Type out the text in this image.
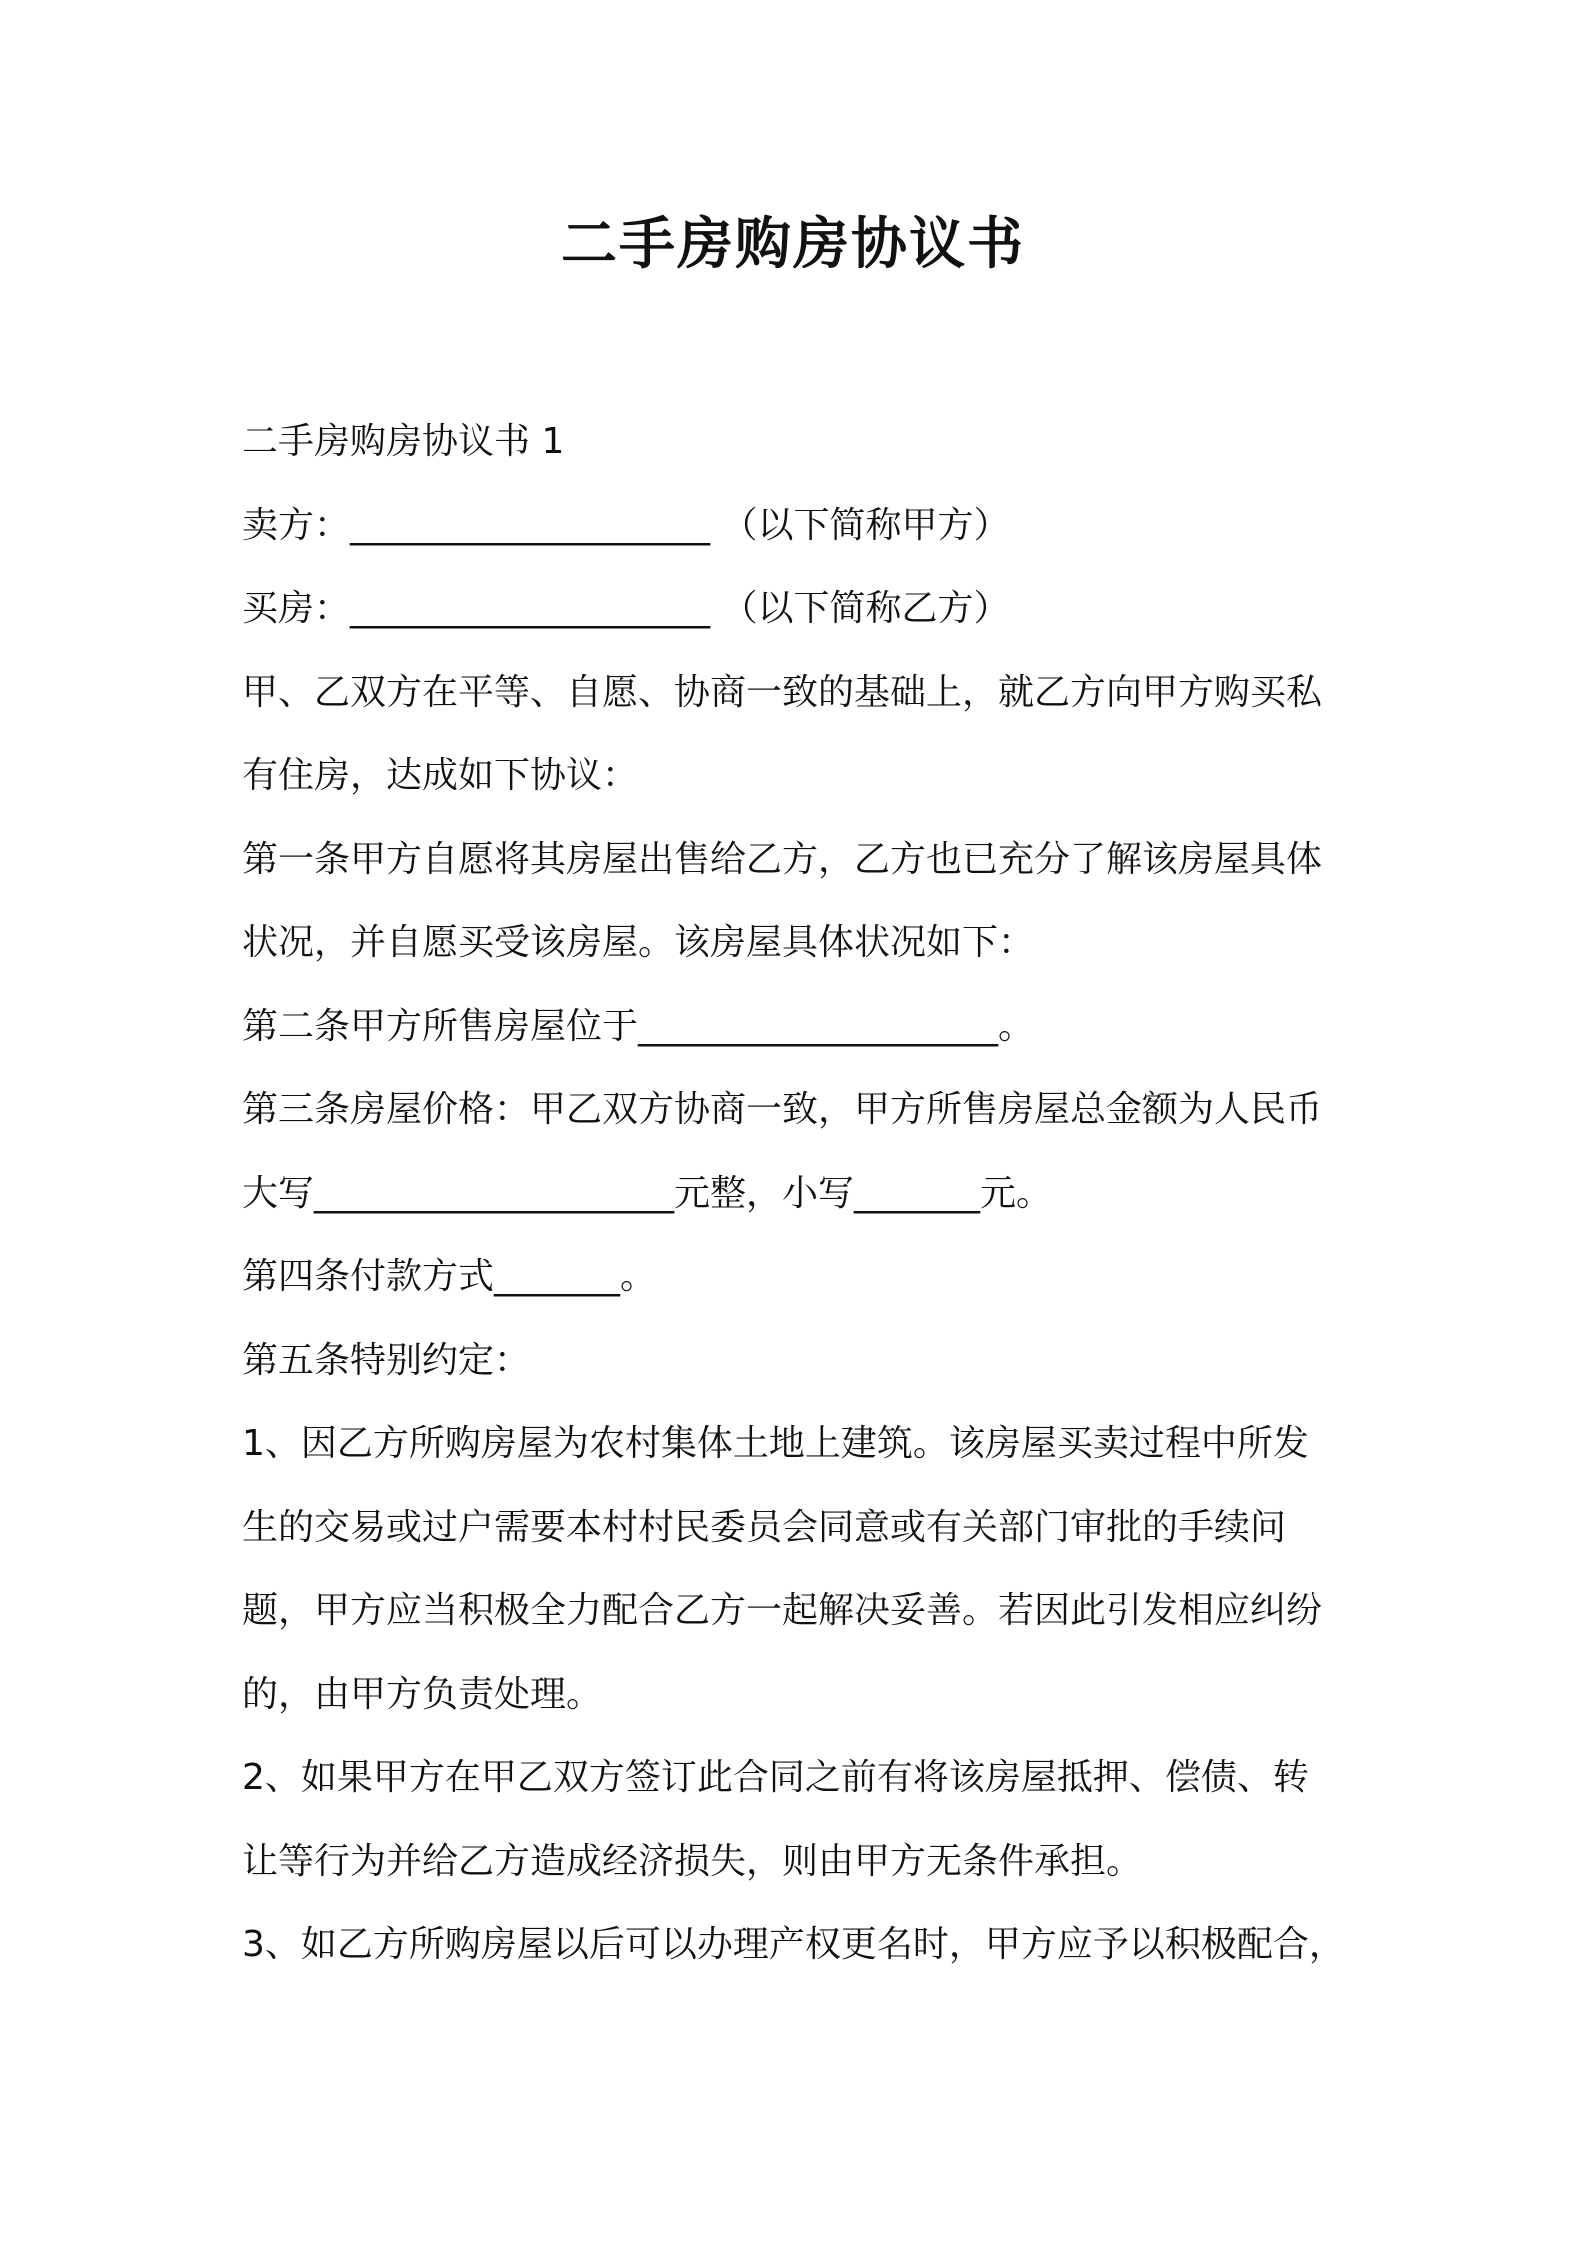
二手房购房协议书
二手房购房协议书 1
卖方：____________________ （以下简称甲方）
买房：____________________ （以下简称乙方）
甲、乙双方在平等、自愿、协商一致的基础上，就乙方向甲方购买私
有住房，达成如下协议：
第一条甲方自愿将其房屋出售给乙方，乙方也已充分了解该房屋具体
状况，并自愿买受该房屋。该房屋具体状况如下：
第二条甲方所售房屋位于____________________。
第三条房屋价格：甲乙双方协商一致，甲方所售房屋总金额为人民币
大写____________________元整，小写_______元。
第四条付款方式_______。
第五条特别约定：
1、因乙方所购房屋为农村集体土地上建筑。该房屋买卖过程中所发
生的交易或过户需要本村村民委员会同意或有关部门审批的手续问
题，甲方应当积极全力配合乙方一起解决妥善。若因此引发相应纠纷
的，由甲方负责处理。
2、如果甲方在甲乙双方签订此合同之前有将该房屋抵押、偿债、转
让等行为并给乙方造成经济损失，则由甲方无条件承担。
3、如乙方所购房屋以后可以办理产权更名时，甲方应予以积极配合，
